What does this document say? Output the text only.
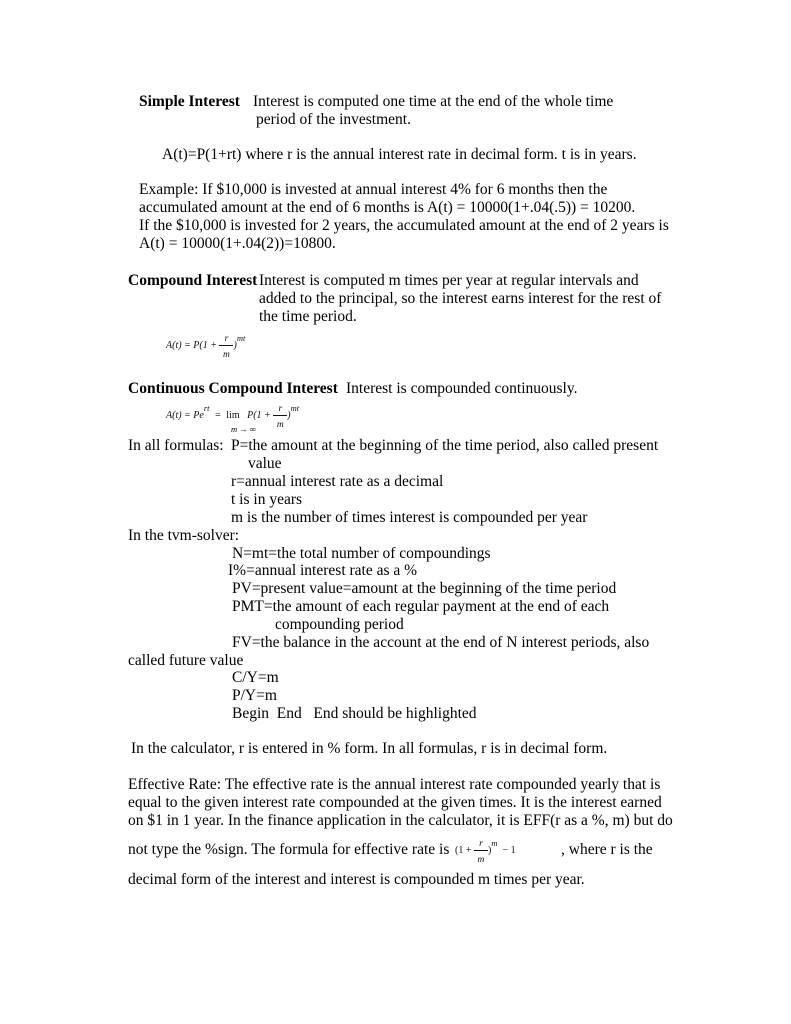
Simple Interest Interest is computed one time at the end of the whole time
period of the investment.
A(t)=P(1+rt) where r is the annual interest rate in decimal form. t is in years.
Example: If $10,000 is invested at annual interest 4% for 6 months then the
accumulated amount at the end of 6 months is A(t) = 10000(1+.04(.5)) = 10200.
If the $10,000 is invested for 2 years, the accumulated amount at the end of 2 years is
A(t) = 10000(1+.04(2))=10800.
Compound Interest Interest is computed m times per year at regular intervals and
added to the principal, so the interest earns interest for the rest of
the time period.
$A(t) = P(1 + \frac{r}{m} )^{mt}$
Continuous Compound Interest Interest is compounded continuously.
$A(t) = Pe^{rt} = \lim P(1 + \frac{r}{m} )^{mt}$
m → ∞
In all formulas: P=the amount at the beginning of the time period, also called present
value
r=annual interest rate as a decimal
t is in years
m is the number of times interest is compounded per year
In the tvm-solver:
N=mt=the total number of compoundings
I%=annual interest rate as a %
PV=present value=amount at the beginning of the time period
PMT=the amount of each regular payment at the end of each
compounding period
FV=the balance in the account at the end of N interest periods, also
called future value
C/Y=m
P/Y=m
Begin  End   End should be highlighted
In the calculator, r is entered in % form. In all formulas, r is in decimal form.
Effective Rate: The effective rate is the annual interest rate compounded yearly that is
equal to the given interest rate compounded at the given times. It is the interest earned
on $1 in 1 year. In the finance application in the calculator, it is EFF(r as a %, m) but do
not type the %sign. The formula for effective rate is $(1 + \frac{r}{m} )^m - 1$	, where r is the
decimal form of the interest and interest is compounded m times per year.
